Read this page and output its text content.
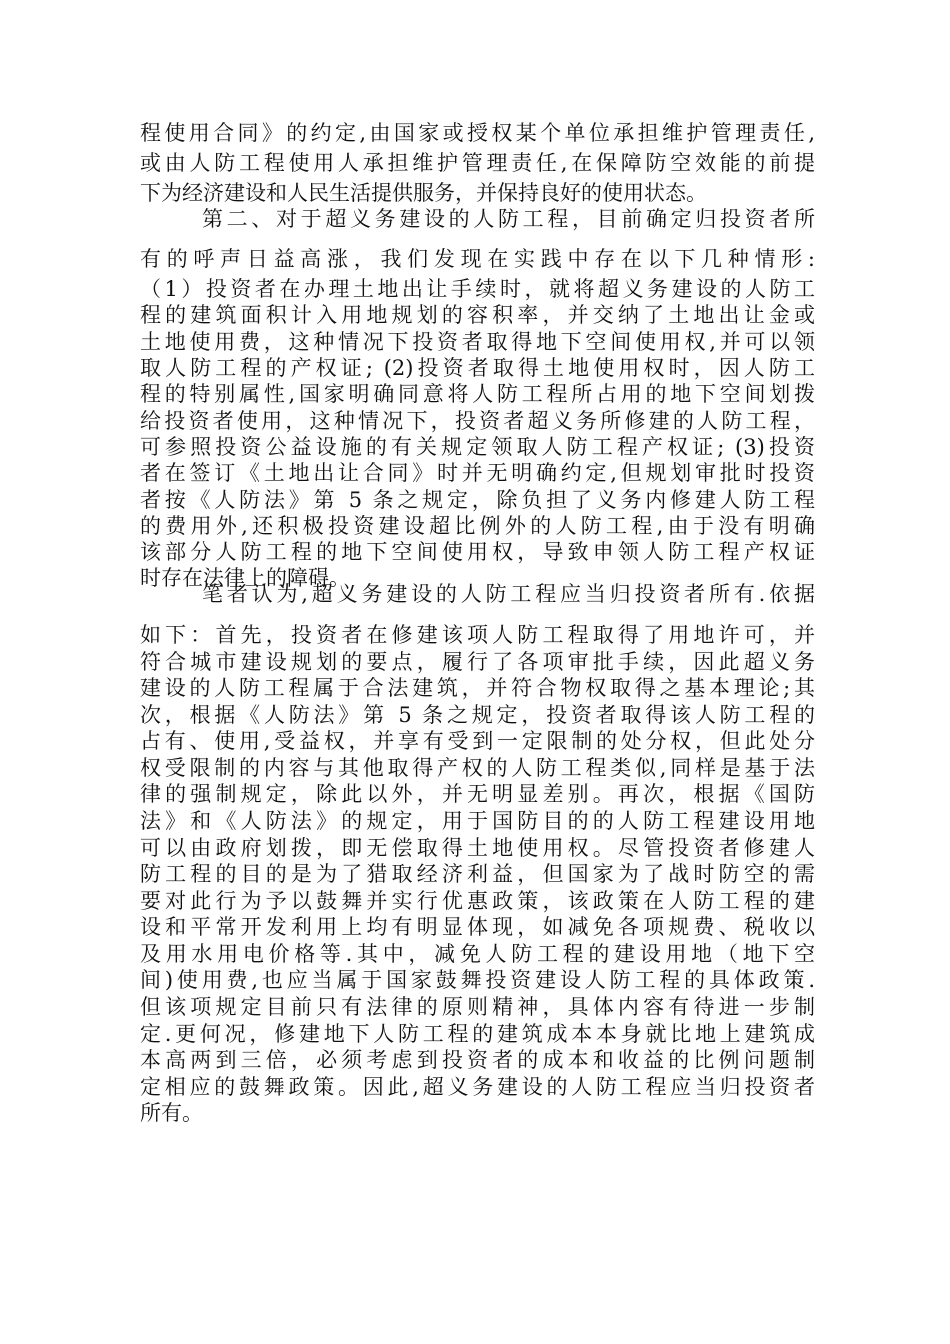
程使用合同》的约定,由国家或授权某个单位承担维护管理责任,
或由人防工程使用人承担维护管理责任,在保障防空效能的前提
下为经济建设和人民生活提供服务，并保持良好的使用状态。
第二、对于超义务建设的人防工程，目前确定归投资者所
有的呼声日益高涨，我们发现在实践中存在以下几种情形:
（1）投资者在办理土地出让手续时，就将超义务建设的人防工
程的建筑面积计入用地规划的容积率，并交纳了土地出让金或
土地使用费，这种情况下投资者取得地下空间使用权,并可以领
取人防工程的产权证; (2)投资者取得土地使用权时，因人防工
程的特别属性,国家明确同意将人防工程所占用的地下空间划拨
给投资者使用，这种情况下，投资者超义务所修建的人防工程，
可参照投资公益设施的有关规定领取人防工程产权证; (3)投资
者在签订《土地出让合同》时并无明确约定,但规划审批时投资
者按《人防法》第 5 条之规定，除负担了义务内修建人防工程
的费用外,还积极投资建设超比例外的人防工程,由于没有明确
该部分人防工程的地下空间使用权，导致申领人防工程产权证
时存在法律上的障碍。
笔者认为,超义务建设的人防工程应当归投资者所有.依据
如下：首先，投资者在修建该项人防工程取得了用地许可，并
符合城市建设规划的要点，履行了各项审批手续，因此超义务
建设的人防工程属于合法建筑，并符合物权取得之基本理论;其
次，根据《人防法》第 5 条之规定，投资者取得该人防工程的
占有、使用,受益权，并享有受到一定限制的处分权，但此处分
权受限制的内容与其他取得产权的人防工程类似,同样是基于法
律的强制规定，除此以外，并无明显差别。再次，根据《国防
法》和《人防法》的规定，用于国防目的的人防工程建设用地
可以由政府划拨，即无偿取得土地使用权。尽管投资者修建人
防工程的目的是为了猎取经济利益，但国家为了战时防空的需
要对此行为予以鼓舞并实行优惠政策，该政策在人防工程的建
设和平常开发利用上均有明显体现，如减免各项规费、税收以
及用水用电价格等.其中，减免人防工程的建设用地（地下空
间)使用费,也应当属于国家鼓舞投资建设人防工程的具体政策.
但该项规定目前只有法律的原则精神，具体内容有待进一步制
定.更何况，修建地下人防工程的建筑成本本身就比地上建筑成
本高两到三倍，必须考虑到投资者的成本和收益的比例问题制
定相应的鼓舞政策。因此,超义务建设的人防工程应当归投资者
所有。
